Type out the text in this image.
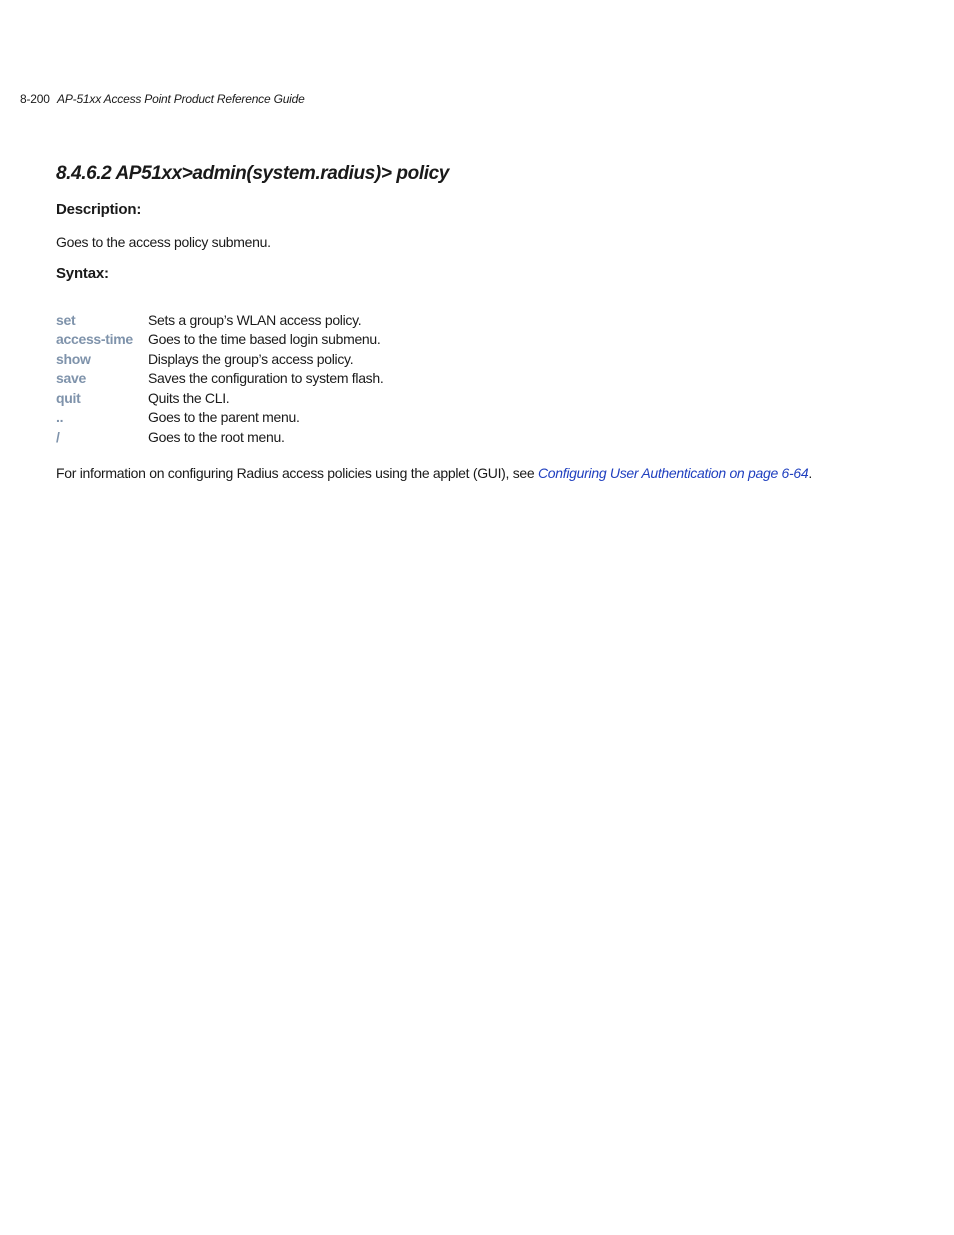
8-200 AP-51xx Access Point Product Reference Guide
8.4.6.2 AP51xx>admin(system.radius)> policy
Description:

Goes to the access policy submenu.

Syntax:
set	Sets a group’s WLAN access policy.
access-time	Goes to the time based login submenu.
show	Displays the group’s access policy.
save	Saves the configuration to system flash.
quit	Quits the CLI.
..	Goes to the parent menu.
/	Goes to the root menu.

For information on configuring Radius access policies using the applet (GUI), see Configuring User Authentication on page 6-64.
